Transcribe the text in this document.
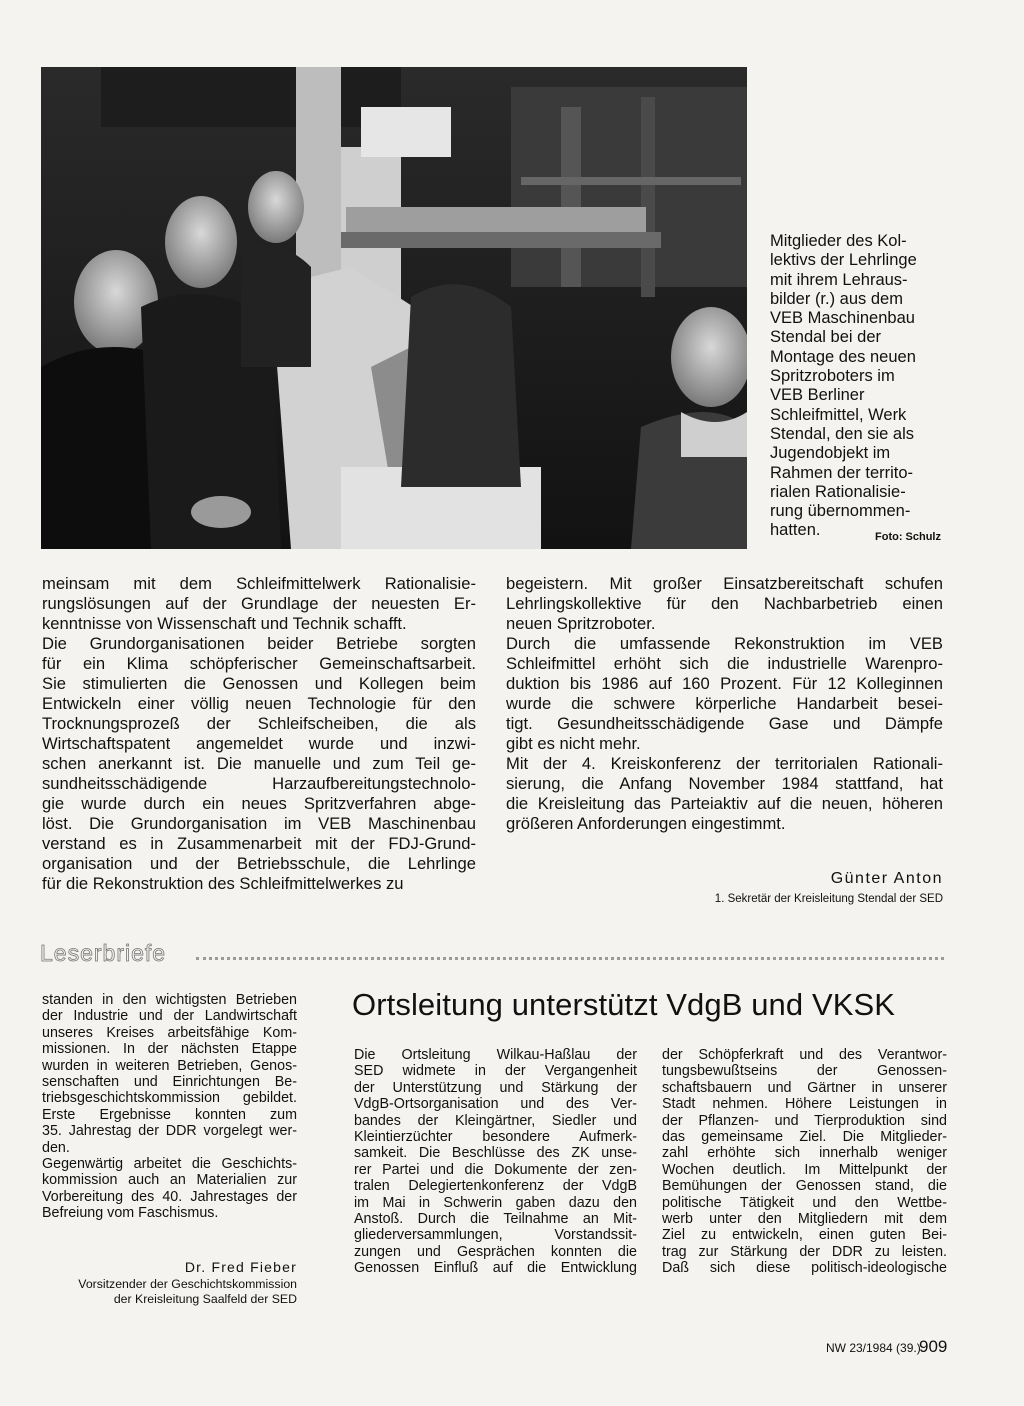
Mitglieder des Kol-
lektivs der Lehrlinge
mit ihrem Lehraus-
bilder (r.) aus dem
VEB Maschinenbau
Stendal bei der
Montage des neuen
Spritzroboters im
VEB Berliner
Schleifmittel, Werk
Stendal, den sie als
Jugendobjekt im
Rahmen der territo-
rialen Rationalisie-
rung übernommen-
hatten.	Foto: Schulz
meinsam mit dem Schleifmittelwerk Rationalisie-
rungslösungen auf der Grundlage der neuesten Er-
kenntnisse von Wissenschaft und Technik schafft.
Die Grundorganisationen beider Betriebe sorgten
für ein Klima schöpferischer Gemeinschaftsarbeit.
Sie stimulierten die Genossen und Kollegen beim
Entwickeln einer völlig neuen Technologie für den
Trocknungsprozeß der Schleifscheiben, die als
Wirtschaftspatent angemeldet wurde und inzwi-
schen anerkannt ist. Die manuelle und zum Teil ge-
sundheitsschädigende Harzaufbereitungstechnolo-
gie wurde durch ein neues Spritzverfahren abge-
löst. Die Grundorganisation im VEB Maschinenbau
verstand es in Zusammenarbeit mit der FDJ-Grund-
organisation und der Betriebsschule, die Lehrlinge
für die Rekonstruktion des Schleifmittelwerkes zu
begeistern. Mit großer Einsatzbereitschaft schufen
Lehrlingskollektive für den Nachbarbetrieb einen
neuen Spritzroboter.
Durch die umfassende Rekonstruktion im VEB
Schleifmittel erhöht sich die industrielle Warenpro-
duktion bis 1986 auf 160 Prozent. Für 12 Kolleginnen
wurde die schwere körperliche Handarbeit besei-
tigt. Gesundheitsschädigende Gase und Dämpfe
gibt es nicht mehr.
Mit der 4. Kreiskonferenz der territorialen Rationali-
sierung, die Anfang November 1984 stattfand, hat
die Kreisleitung das Parteiaktiv auf die neuen, höheren
größeren Anforderungen eingestimmt.
Günter Anton
1. Sekretär der Kreisleitung Stendal der SED
Leserbriefe
standen in den wichtigsten Betrieben
der Industrie und der Landwirtschaft
unseres Kreises arbeitsfähige Kom-
missionen. In der nächsten Etappe
wurden in weiteren Betrieben, Genos-
senschaften und Einrichtungen Be-
triebsgeschichtskommission gebildet.
Erste Ergebnisse konnten zum
35. Jahrestag der DDR vorgelegt wer-
den.
Gegenwärtig arbeitet die Geschichts-
kommission auch an Materialien zur
Vorbereitung des 40. Jahrestages der
Befreiung vom Faschismus.
Dr. Fred Fieber
Vorsitzender der Geschichtskommission
der Kreisleitung Saalfeld der SED
Ortsleitung unterstützt VdgB und VKSK
Die Ortsleitung Wilkau-Haßlau der
SED widmete in der Vergangenheit
der Unterstützung und Stärkung der
VdgB-Ortsorganisation und des Ver-
bandes der Kleingärtner, Siedler und
Kleintierzüchter besondere Aufmerk-
samkeit. Die Beschlüsse des ZK unse-
rer Partei und die Dokumente der zen-
tralen Delegiertenkonferenz der VdgB
im Mai in Schwerin gaben dazu den
Anstoß. Durch die Teilnahme an Mit-
gliederversammlungen, Vorstandssit-
zungen und Gesprächen konnten die
Genossen Einfluß auf die Entwicklung
der Schöpferkraft und des Verantwor-
tungsbewußtseins der Genossen-
schaftsbauern und Gärtner in unserer
Stadt nehmen. Höhere Leistungen in
der Pflanzen- und Tierproduktion sind
das gemeinsame Ziel. Die Mitglieder-
zahl erhöhte sich innerhalb weniger
Wochen deutlich. Im Mittelpunkt der
Bemühungen der Genossen stand, die
politische Tätigkeit und den Wettbe-
werb unter den Mitgliedern mit dem
Ziel zu entwickeln, einen guten Bei-
trag zur Stärkung der DDR zu leisten.
Daß sich diese politisch-ideologische
NW 23/1984 (39.)
909
